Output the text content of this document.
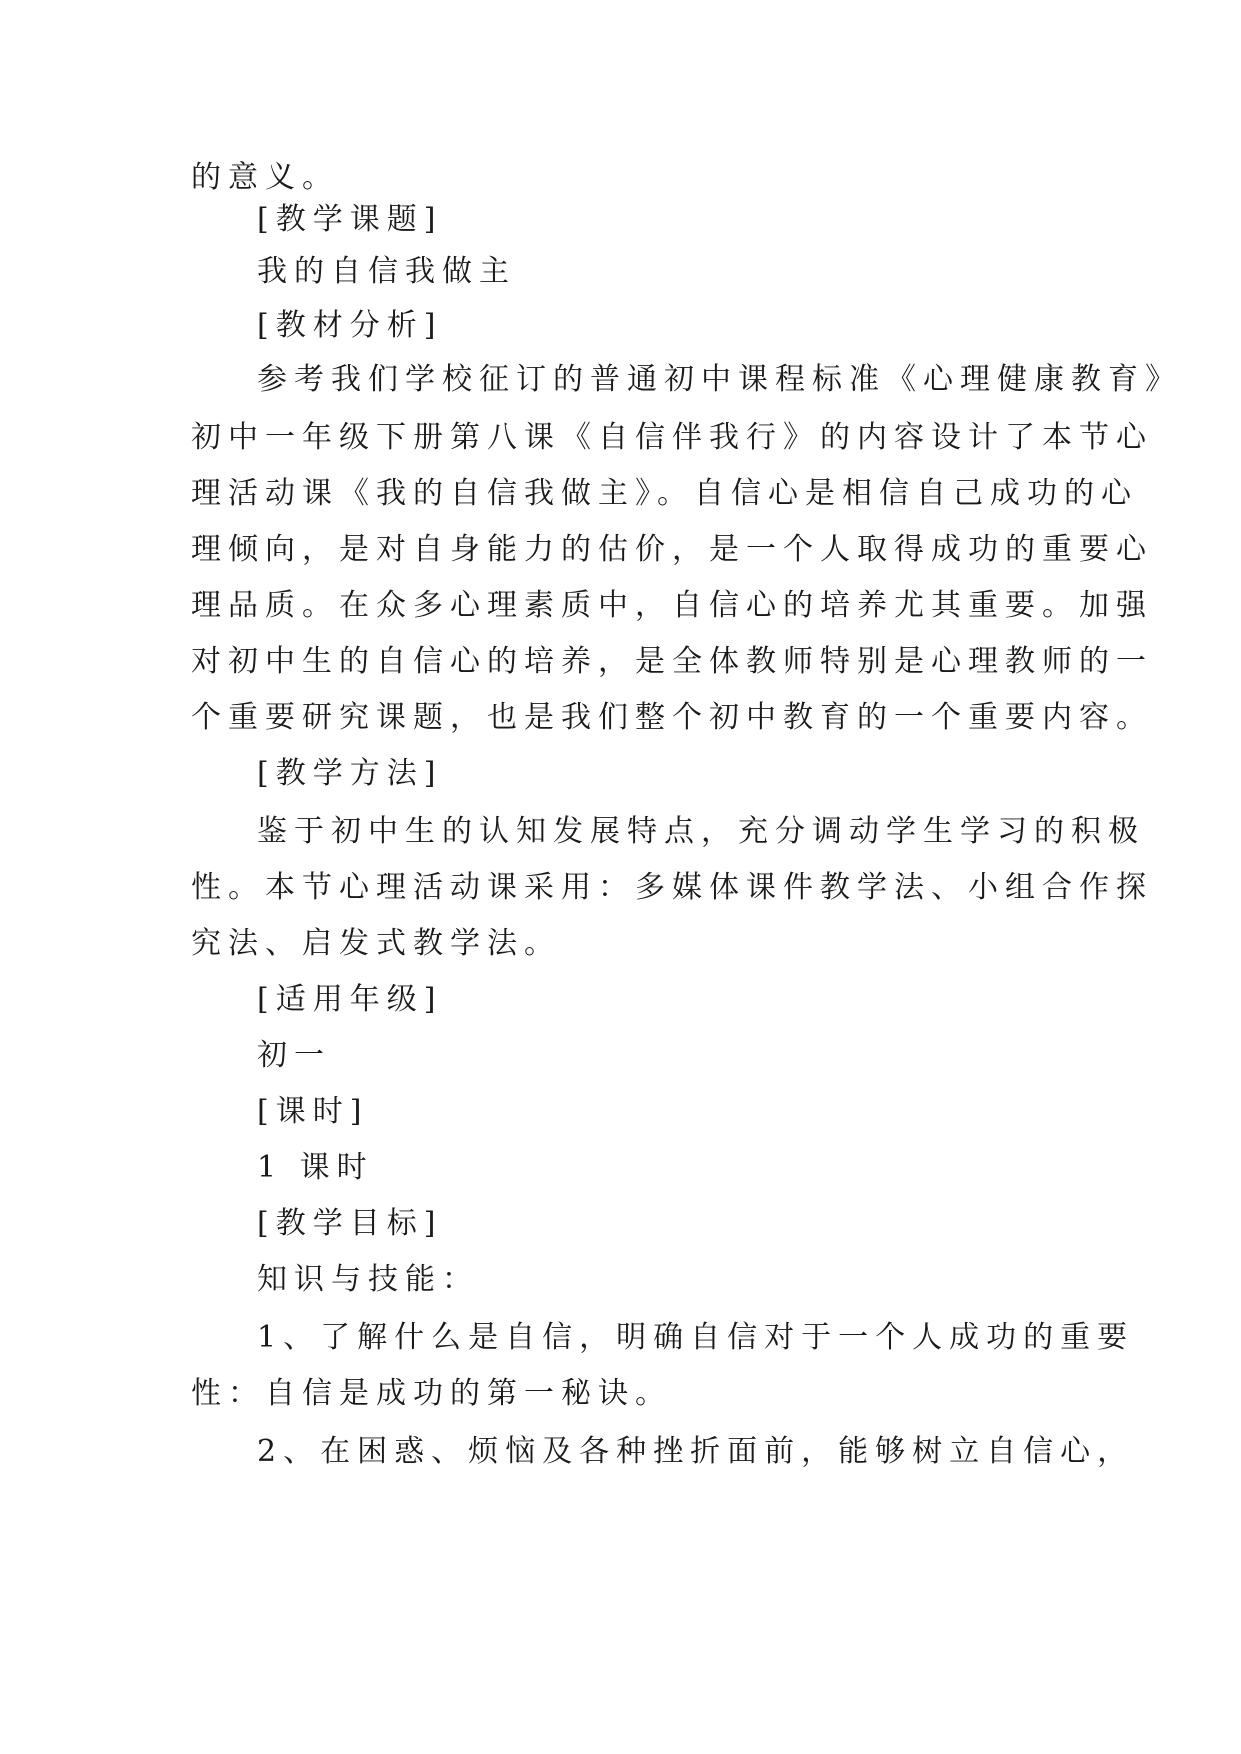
的意义。
[教学课题]
我的自信我做主
[教材分析]
参考我们学校征订的普通初中课程标准《心理健康教育》
初中一年级下册第八课《自信伴我行》的内容设计了本节心
理活动课《我的自信我做主》。自信心是相信自己成功的心
理倾向，是对自身能力的估价，是一个人取得成功的重要心
理品质。在众多心理素质中，自信心的培养尤其重要。加强
对初中生的自信心的培养，是全体教师特别是心理教师的一
个重要研究课题，也是我们整个初中教育的一个重要内容。
[教学方法]
鉴于初中生的认知发展特点，充分调动学生学习的积极
性。本节心理活动课采用：多媒体课件教学法、小组合作探
究法、启发式教学法。
[适用年级]
初一
[课时]
1 课时
[教学目标]
知识与技能：
1、了解什么是自信，明确自信对于一个人成功的重要
性：自信是成功的第一秘诀。
2、在困惑、烦恼及各种挫折面前，能够树立自信心，
